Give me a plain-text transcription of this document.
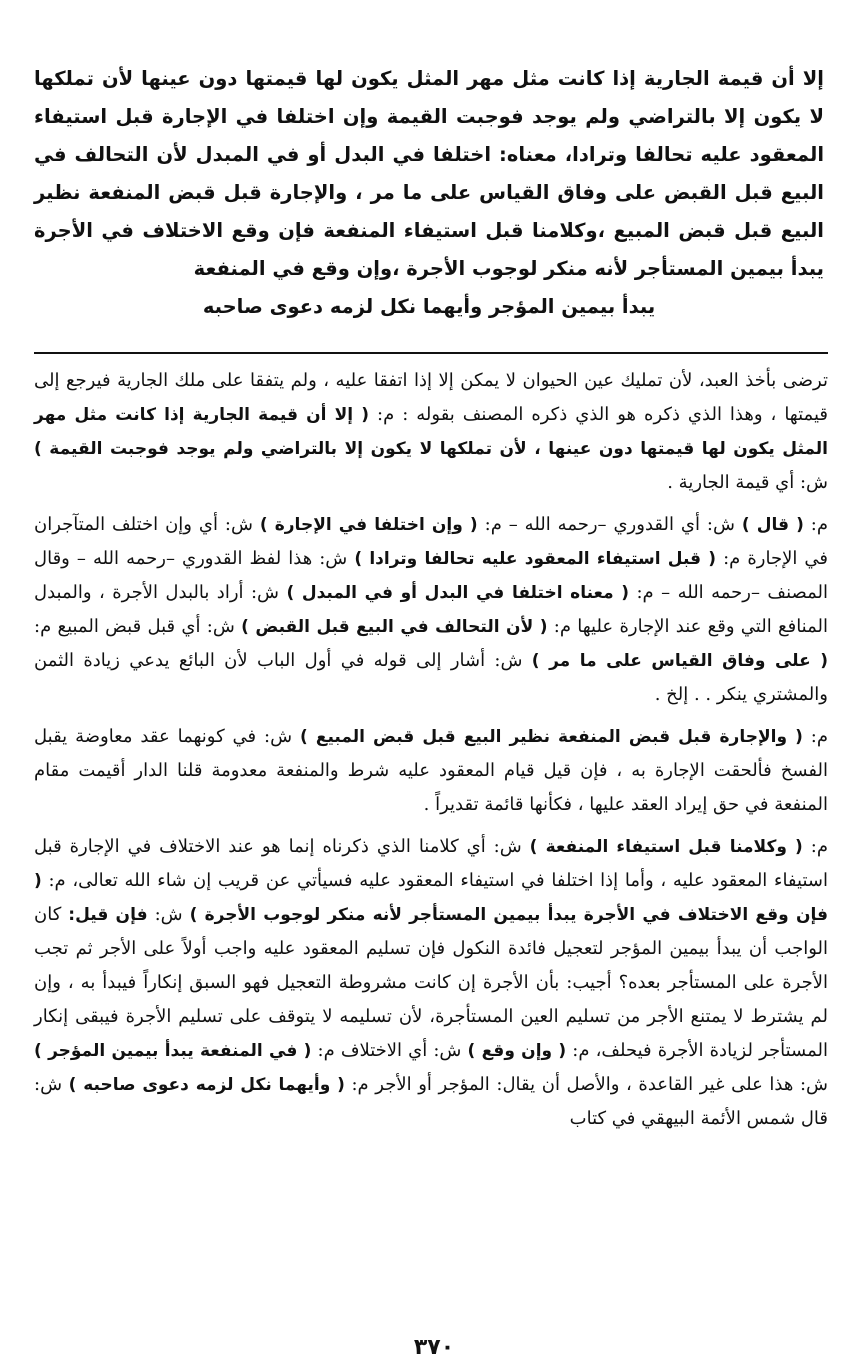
إلا أن قيمة الجارية إذا كانت مثل مهر المثل يكون لها قيمتها دون عينها لأن تملكها لا يكون إلا بالتراضي ولم يوجد فوجبت القيمة وإن اختلفا في الإجارة قبل استيفاء المعقود عليه تحالفا وترادا، معناه: اختلفا في البدل أو في المبدل لأن التحالف في البيع قبل القبض على وفاق القياس على ما مر ، والإجارة قبل قبض المنفعة نظير البيع قبل قبض المبيع ،وكلامنا قبل استيفاء المنفعة فإن وقع الاختلاف في الأجرة يبدأ بيمين المستأجر لأنه منكر لوجوب الأجرة ،وإن وقع في المنفعة
يبدأ بيمين المؤجر وأيهما نكل لزمه دعوى صاحبه

ترضى بأخذ العبد، لأن تمليك عين الحيوان لا يمكن إلا إذا اتفقا عليه ، ولم يتفقا على ملك الجارية فيرجع إلى قيمتها ، وهذا الذي ذكره هو الذي ذكره المصنف بقوله : م: ( إلا أن قيمة الجارية إذا كانت مثل مهر المثل يكون لها قيمتها دون عينها ، لأن تملكها لا يكون إلا بالتراضي ولم يوجد فوجبت القيمة ) ش: أي قيمة الجارية .

م: ( قال ) ش: أي القدوري –رحمه الله – م: ( وإن اختلفا في الإجارة ) ش: أي وإن اختلف المتآجران في الإجارة م: ( قبل استيفاء المعقود عليه تحالفا وترادا ) ش: هذا لفظ القدوري –رحمه الله – وقال المصنف –رحمه الله – م: ( معناه اختلفا في البدل أو في المبدل ) ش: أراد بالبدل الأجرة ، والمبدل المنافع التي وقع عند الإجارة عليها م: ( لأن التحالف في البيع قبل القبض ) ش: أي قبل قبض المبيع م: ( على وفاق القياس على ما مر ) ش: أشار إلى قوله في أول الباب لأن البائع يدعي زيادة الثمن والمشتري ينكر . . إلخ .

م: ( والإجارة قبل قبض المنفعة نظير البيع قبل قبض المبيع ) ش: في كونهما عقد معاوضة يقبل الفسخ فألحقت الإجارة به ، فإن قيل قيام المعقود عليه شرط والمنفعة معدومة قلنا الدار أقيمت مقام المنفعة في حق إيراد العقد عليها ، فكأنها قائمة تقديراً .

م: ( وكلامنا قبل استيفاء المنفعة ) ش: أي كلامنا الذي ذكرناه إنما هو عند الاختلاف في الإجارة قبل استيفاء المعقود عليه ، وأما إذا اختلفا في استيفاء المعقود عليه فسيأتي عن قريب إن شاء الله تعالى، م: ( فإن وقع الاختلاف في الأجرة يبدأ بيمين المستأجر لأنه منكر لوجوب الأجرة ) ش: فإن قيل: كان الواجب أن يبدأ بيمين المؤجر لتعجيل فائدة النكول فإن تسليم المعقود عليه واجب أولاً على الأجر ثم تجب الأجرة على المستأجر بعده؟ أجيب: بأن الأجرة إن كانت مشروطة التعجيل فهو السبق إنكاراً فيبدأ به ، وإن لم يشترط لا يمتنع الأجر من تسليم العين المستأجرة، لأن تسليمه لا يتوقف على تسليم الأجرة فيبقى إنكار المستأجر لزيادة الأجرة فيحلف، م: ( وإن وقع ) ش: أي الاختلاف م: ( في المنفعة يبدأ بيمين المؤجر ) ش: هذا على غير القاعدة ، والأصل أن يقال: المؤجر أو الأجر م: ( وأيهما نكل لزمه دعوى صاحبه ) ش: قال شمس الأئمة البيهقي في كتاب

٣٧٠
